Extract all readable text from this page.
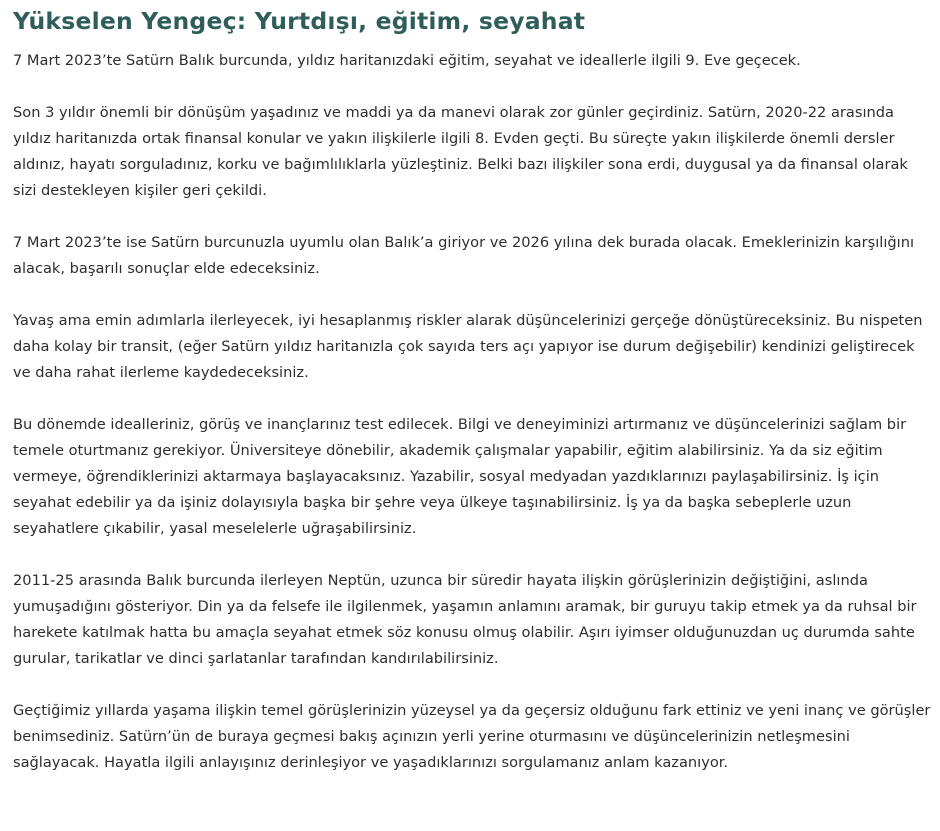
Yükselen Yengeç: Yurtdışı, eğitim, seyahat

7 Mart 2023’te Satürn Balık burcunda, yıldız haritanızdaki eğitim, seyahat ve ideallerle ilgili 9. Eve geçecek.

Son 3 yıldır önemli bir dönüşüm yaşadınız ve maddi ya da manevi olarak zor günler geçirdiniz. Satürn, 2020-22 arasında yıldız haritanızda ortak finansal konular ve yakın ilişkilerle ilgili 8. Evden geçti. Bu süreçte yakın ilişkilerde önemli dersler aldınız, hayatı sorguladınız, korku ve bağımlılıklarla yüzleştiniz. Belki bazı ilişkiler sona erdi, duygusal ya da finansal olarak sizi destekleyen kişiler geri çekildi.

7 Mart 2023’te ise Satürn burcunuzla uyumlu olan Balık’a giriyor ve 2026 yılına dek burada olacak. Emeklerinizin karşılığını alacak, başarılı sonuçlar elde edeceksiniz.

Yavaş ama emin adımlarla ilerleyecek, iyi hesaplanmış riskler alarak düşüncelerinizi gerçeğe dönüştüreceksiniz. Bu nispeten daha kolay bir transit, (eğer Satürn yıldız haritanızla çok sayıda ters açı yapıyor ise durum değişebilir) kendinizi geliştirecek ve daha rahat ilerleme kaydedeceksiniz.

Bu dönemde idealleriniz, görüş ve inançlarınız test edilecek. Bilgi ve deneyiminizi artırmanız ve düşüncelerinizi sağlam bir temele oturtmanız gerekiyor. Üniversiteye dönebilir, akademik çalışmalar yapabilir, eğitim alabilirsiniz. Ya da siz eğitim vermeye, öğrendiklerinizi aktarmaya başlayacaksınız. Yazabilir, sosyal medyadan yazdıklarınızı paylaşabilirsiniz. İş için seyahat edebilir ya da işiniz dolayısıyla başka bir şehre veya ülkeye taşınabilirsiniz. İş ya da başka sebeplerle uzun seyahatlere çıkabilir, yasal meselelerle uğraşabilirsiniz.

2011-25 arasında Balık burcunda ilerleyen Neptün, uzunca bir süredir hayata ilişkin görüşlerinizin değiştiğini, aslında yumuşadığını gösteriyor. Din ya da felsefe ile ilgilenmek, yaşamın anlamını aramak, bir guruyu takip etmek ya da ruhsal bir harekete katılmak hatta bu amaçla seyahat etmek söz konusu olmuş olabilir. Aşırı iyimser olduğunuzdan uç durumda sahte gurular, tarikatlar ve dinci şarlatanlar tarafından kandırılabilirsiniz.

Geçtiğimiz yıllarda yaşama ilişkin temel görüşlerinizin yüzeysel ya da geçersiz olduğunu fark ettiniz ve yeni inanç ve görüşler benimsediniz. Satürn’ün de buraya geçmesi bakış açınızın yerli yerine oturmasını ve düşüncelerinizin netleşmesini sağlayacak. Hayatla ilgili anlayışınız derinleşiyor ve yaşadıklarınızı sorgulamanız anlam kazanıyor.
